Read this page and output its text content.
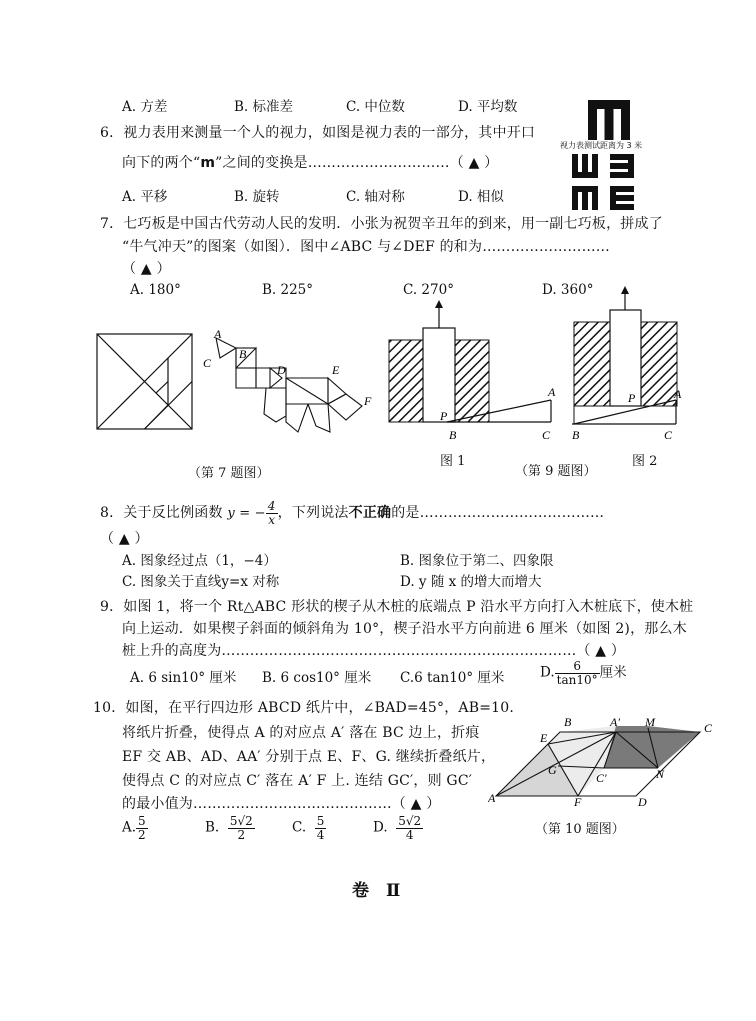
A. 方差	B. 标准差	C. 中位数	D. 平均数
6．视力表用来测量一个人的视力，如图是视力表的一部分，其中开口
向下的两个“m”之间的变换是…………………………（ ▲ ）
A. 平移	B. 旋转	C. 轴对称	D. 相似
视力表测试距离为 3 米
7．七巧板是中国古代劳动人民的发明．小张为祝贺辛丑年的到来，用一副七巧板，拼成了
“牛气冲天”的图案（如图）．图中∠ABC 与∠DEF 的和为………………………
（ ▲ ）
A. 180°	B. 225°	C. 270°	D. 360°
A
C
B
D	E
F
P
B	C
A
图 1
P
B	C
A
图 2
（第 7 题图）	（第 9 题图）
8．关于反比例函数 y = − $\frac{4}{x}$ ，下列说法不正确的是…………………………………
（ ▲ ）
A. 图象经过点（1，−4）	B. 图象位于第二、四象限
C. 图象关于直线y=x 对称	D. y 随 x 的增大而增大
9．如图 1，将一个 Rt△ABC 形状的楔子从木桩的底端点 P 沿水平方向打入木桩底下，使木桩
向上运动．如果楔子斜面的倾斜角为 10°，楔子沿水平方向前进 6 厘米（如图 2)，那么木
桩上升的高度为…………………………………………………………………（ ▲ ）
A. 6 sin10° 厘米 B. 6 cos10° 厘米 C.6 tan10° 厘米	D. $\frac{6}{\tan 10^\circ}$ 厘米
10．如图，在平行四边形 ABCD 纸片中，∠BAD=45°，AB=10.
将纸片折叠，使得点 A 的对应点 A′ 落在 BC 边上，折痕
EF 交 AB、AD、AA′ 分别于点 E、F、G. 继续折叠纸片，
使得点 C 的对应点 C′ 落在 A′ F 上. 连结 GC′，则 GC′
的最小值为……………………………………（ ▲ ）
A. $\frac{5}{2}$	B. $\frac{5√2}{2}$	C. $\frac{5}{4}$	D. $\frac{5√2}{4}$
A
B	C
D
E
F
G
M
N
A′
C′
（第 10 题图）
卷　Ⅱ
